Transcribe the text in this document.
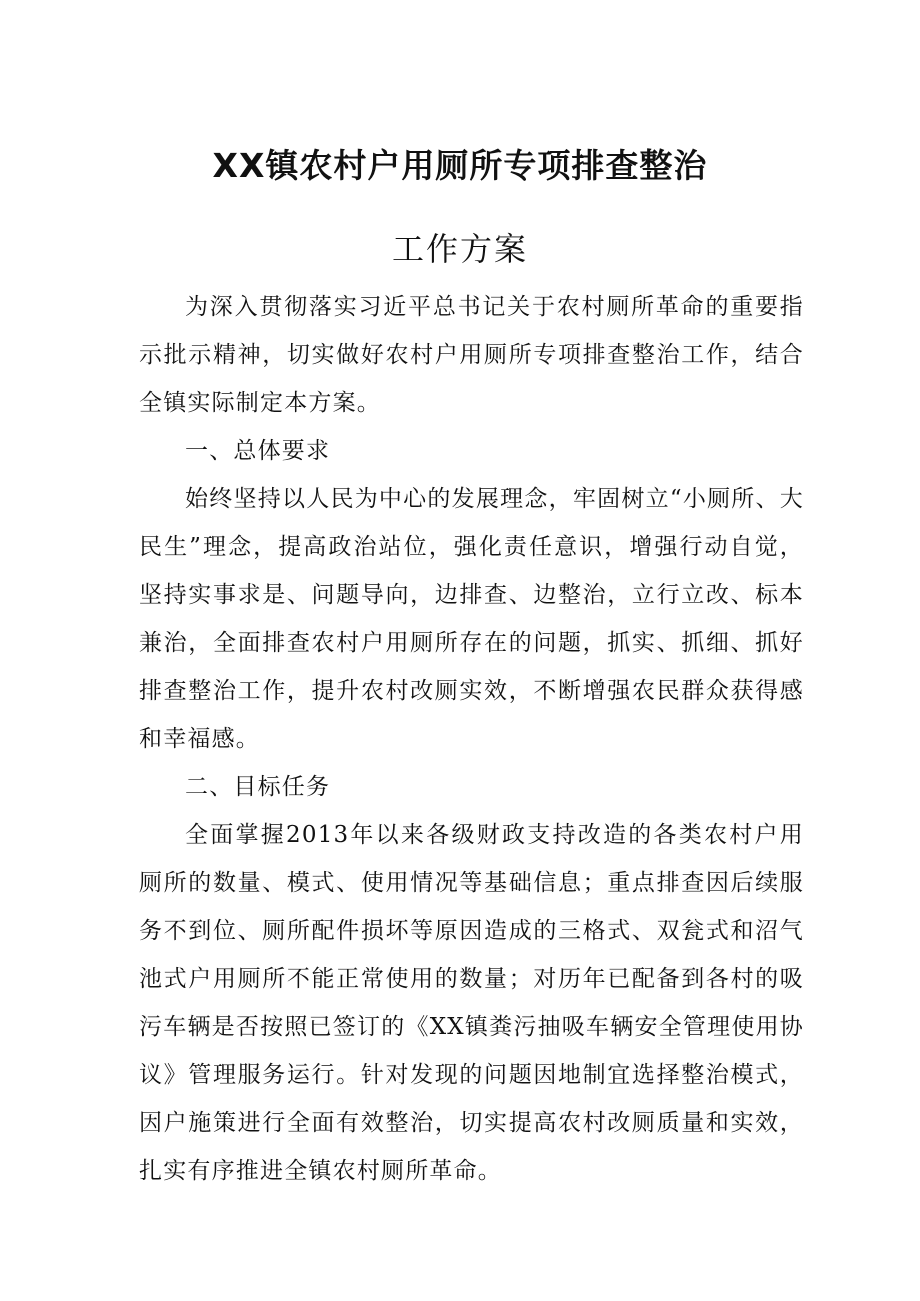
XX镇农村户用厕所专项排查整治
工作方案

为深入贯彻落实习近平总书记关于农村厕所革命的重要指示批示精神，切实做好农村户用厕所专项排查整治工作，结合全镇实际制定本方案。

一、总体要求

始终坚持以人民为中心的发展理念，牢固树立“小厕所、大民生”理念，提高政治站位，强化责任意识，增强行动自觉，坚持实事求是、问题导向，边排查、边整治，立行立改、标本兼治，全面排查农村户用厕所存在的问题，抓实、抓细、抓好排查整治工作，提升农村改厕实效，不断增强农民群众获得感和幸福感。

二、目标任务

全面掌握2013年以来各级财政支持改造的各类农村户用厕所的数量、模式、使用情况等基础信息；重点排查因后续服务不到位、厕所配件损坏等原因造成的三格式、双瓮式和沼气池式户用厕所不能正常使用的数量；对历年已配备到各村的吸污车辆是否按照已签订的《XX镇粪污抽吸车辆安全管理使用协议》管理服务运行。针对发现的问题因地制宜选择整治模式，因户施策进行全面有效整治，切实提高农村改厕质量和实效，扎实有序推进全镇农村厕所革命。
